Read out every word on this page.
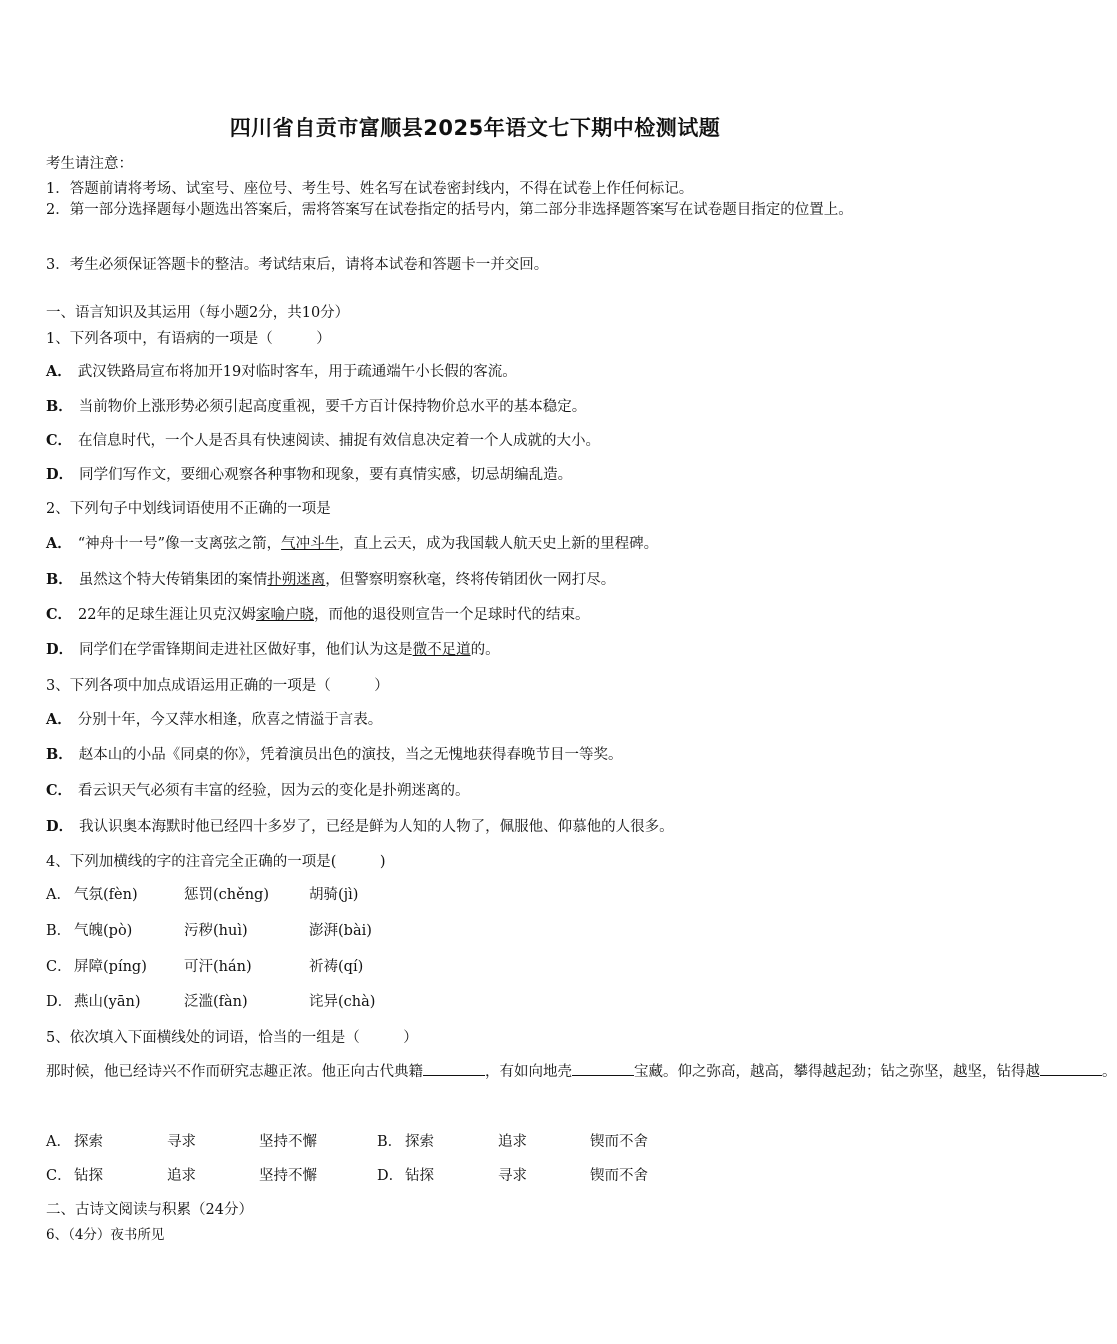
四川省自贡市富顺县2025年语文七下期中检测试题
考生请注意：
1．答题前请将考场、试室号、座位号、考生号、姓名写在试卷密封线内，不得在试卷上作任何标记。
2．第一部分选择题每小题选出答案后，需将答案写在试卷指定的括号内，第二部分非选择题答案写在试卷题目指定的位置上。
3．考生必须保证答题卡的整洁。考试结束后，请将本试卷和答题卡一并交回。
一、语言知识及其运用（每小题2分，共10分）
1、下列各项中，有语病的一项是（　　　）
A． 武汉铁路局宣布将加开19对临时客车，用于疏通端午小长假的客流。
B． 当前物价上涨形势必须引起高度重视，要千方百计保持物价总水平的基本稳定。
C． 在信息时代，一个人是否具有快速阅读、捕捉有效信息决定着一个人成就的大小。
D． 同学们写作文，要细心观察各种事物和现象，要有真情实感，切忌胡编乱造。
2、下列句子中划线词语使用不正确的一项是
A． “神舟十一号”像一支离弦之箭，气冲斗牛，直上云天，成为我国载人航天史上新的里程碑。
B． 虽然这个特大传销集团的案情扑朔迷离，但警察明察秋毫，终将传销团伙一网打尽。
C． 22年的足球生涯让贝克汉姆家喻户晓，而他的退役则宣告一个足球时代的结束。
D． 同学们在学雷锋期间走进社区做好事，他们认为这是微不足道的。
3、下列各项中加点成语运用正确的一项是（　　　）
A． 分别十年，今又萍水相逢，欣喜之情溢于言表。
B． 赵本山的小品《同桌的你》，凭着演员出色的演技，当之无愧地获得春晚节目一等奖。
C． 看云识天气必须有丰富的经验，因为云的变化是扑朔迷离的。
D． 我认识奥本海默时他已经四十多岁了，已经是鲜为人知的人物了，佩服他、仰慕他的人很多。
4、下列加横线的字的注音完全正确的一项是(　　　)
A． 气氛(fèn)	惩罚(chěng)	胡骑(jì)
B． 气魄(pò)	污秽(huì)	澎湃(bài)
C． 屏障(píng)	可汗(hán)	祈祷(qí)
D． 燕山(yān)	泛滥(fàn)	诧异(chà)
5、依次填入下面横线处的词语，恰当的一组是（　　　）
那时候，他已经诗兴不作而研究志趣正浓。他正向古代典籍	，有如向地壳	宝藏。仰之弥高，越高，攀得越起劲；钻之弥坚，越坚，钻得越	。
A． 探索	寻求	坚持不懈	B． 探索	追求	锲而不舍
C． 钻探	追求	坚持不懈	D． 钻探	寻求	锲而不舍
二、古诗文阅读与积累（24分）
6、（4分）夜书所见
